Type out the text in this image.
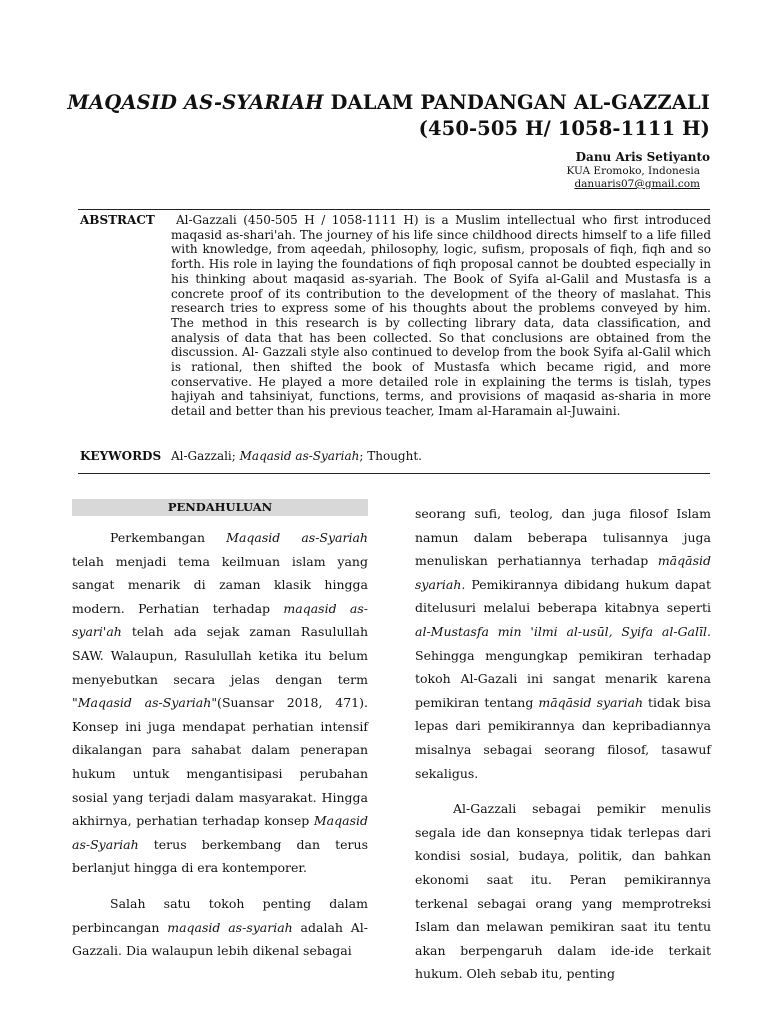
MAQASID AS-SYARIAH DALAM PANDANGAN AL-GAZZALI
(450-505 H/ 1058-1111 H)
Danu Aris Setiyanto
KUA Eromoko, Indonesia
danuaris07@gmail.com
ABSTRACT	Al-Gazzali (450-505 H / 1058-1111 H) is a Muslim intellectual who first introduced maqasid as-shari'ah. The journey of his life since childhood directs himself to a life filled with knowledge, from aqeedah, philosophy, logic, sufism, proposals of fiqh, fiqh and so forth. His role in laying the foundations of fiqh proposal cannot be doubted especially in his thinking about maqasid as-syariah. The Book of Syifa al-Galil and Mustasfa is a concrete proof of its contribution to the development of the theory of maslahat. This research tries to express some of his thoughts about the problems conveyed by him. The method in this research is by collecting library data, data classification, and analysis of data that has been collected. So that conclusions are obtained from the discussion. Al- Gazzali style also continued to develop from the book Syifa al-Galil which is rational, then shifted the book of Mustasfa which became rigid, and more conservative. He played a more detailed role in explaining the terms is tislah, types hajiyah and tahsiniyat, functions, terms, and provisions of maqasid as-sharia in more detail and better than his previous teacher, Imam al-Haramain al-Juwaini.

KEYWORDS Al-Gazzali; Maqasid as-Syariah; Thought.
PENDAHULUAN

Perkembangan Maqasid as-Syariah telah menjadi tema keilmuan islam yang sangat menarik di zaman klasik hingga modern. Perhatian terhadap maqasid as-syari'ah telah ada sejak zaman Rasulullah SAW. Walaupun, Rasulullah ketika itu belum menyebutkan secara jelas dengan term "Maqasid as-Syariah"(Suansar 2018, 471). Konsep ini juga mendapat perhatian intensif dikalangan para sahabat dalam penerapan hukum untuk mengantisipasi perubahan sosial yang terjadi dalam masyarakat. Hingga akhirnya, perhatian terhadap konsep Maqasid as-Syariah terus berkembang dan terus berlanjut hingga di era kontemporer.

Salah satu tokoh penting dalam perbincangan maqasid as-syariah adalah Al-Gazzali. Dia walaupun lebih dikenal sebagai

seorang sufi, teolog, dan juga filosof Islam namun dalam beberapa tulisannya juga menuliskan perhatiannya terhadap māqāsid syariah. Pemikirannya dibidang hukum dapat ditelusuri melalui beberapa kitabnya seperti al-Mustasfa min 'ilmi al-usūl, Syifa al-Galīl. Sehingga mengungkap pemikiran terhadap tokoh Al-Gazali ini sangat menarik karena pemikiran tentang māqāsid syariah tidak bisa lepas dari pemikirannya dan kepribadiannya misalnya sebagai seorang filosof, tasawuf sekaligus.

Al-Gazzali sebagai pemikir menulis segala ide dan konsepnya tidak terlepas dari kondisi sosial, budaya, politik, dan bahkan ekonomi saat itu. Peran pemikirannya terkenal sebagai orang yang memprotreksi Islam dan melawan pemikiran saat itu tentu akan berpengaruh dalam ide-ide terkait hukum. Oleh sebab itu, penting
